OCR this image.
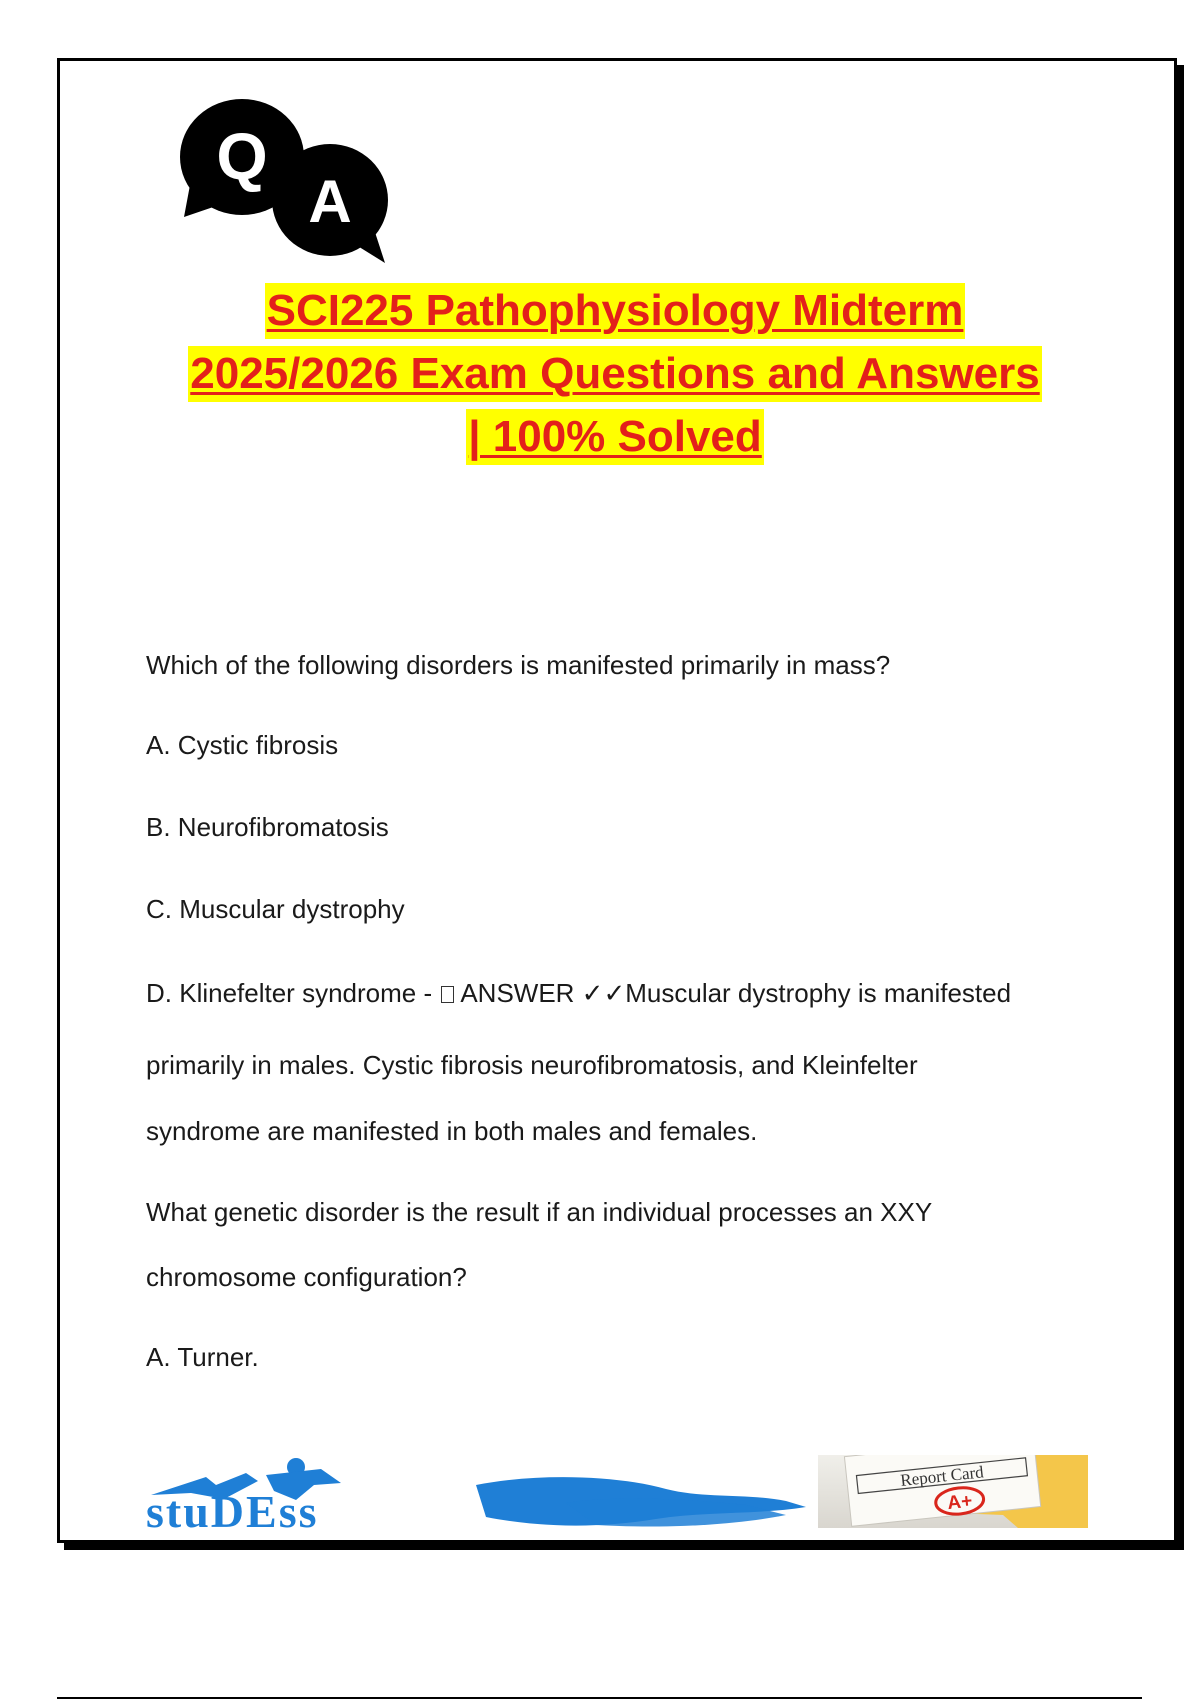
Q
A
SCI225 Pathophysiology Midterm
2025/2026 Exam Questions and Answers
| 100% Solved

Which of the following disorders is manifested primarily in mass?

A. Cystic fibrosis

B. Neurofibromatosis

C. Muscular dystrophy

D. Klinefelter syndrome - ANSWER ✓✓Muscular dystrophy is manifested

primarily in males. Cystic fibrosis neurofibromatosis, and Kleinfelter

syndrome are manifested in both males and females.

What genetic disorder is the result if an individual processes an XXY

chromosome configuration?

A. Turner.

stuDEss
Report Card
A+
